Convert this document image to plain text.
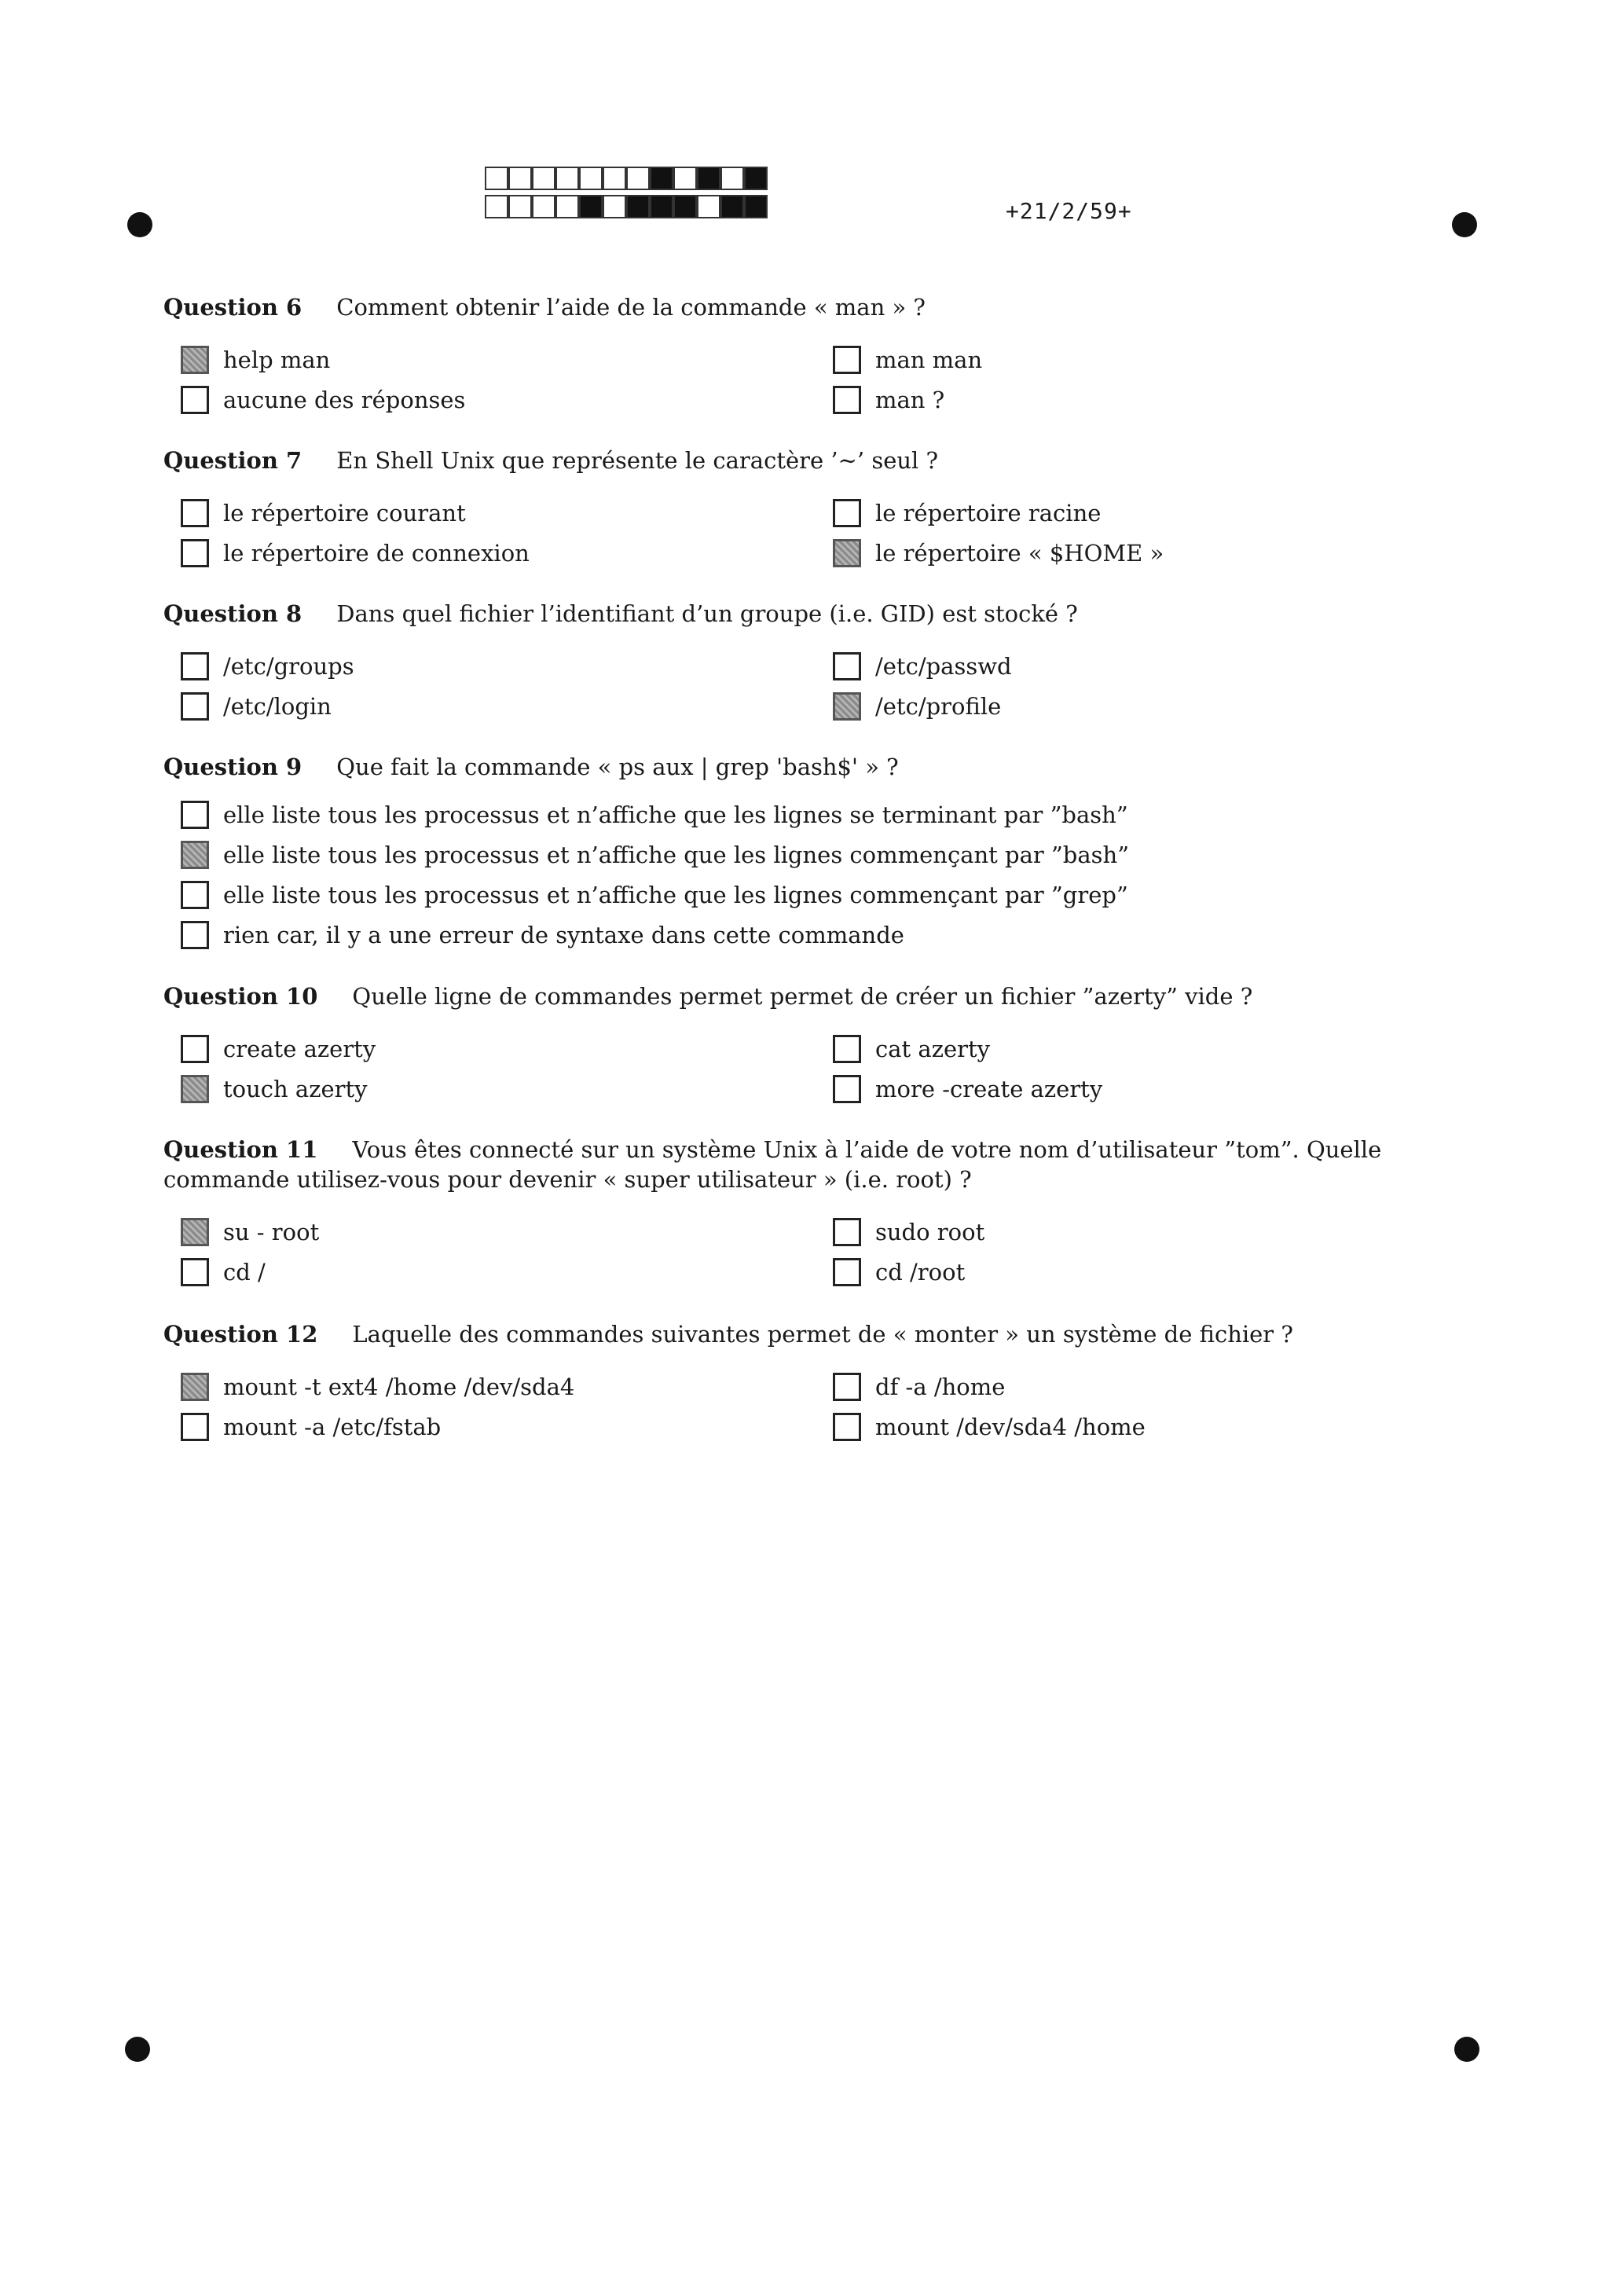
+21/2/59+
Question 6 Comment obtenir l’aide de la commande « man » ?
help man	man man
aucune des réponses	man ?
Question 7 En Shell Unix que représente le caractère ’∼’ seul ?
le répertoire courant	le répertoire racine
le répertoire de connexion	le répertoire « $HOME »
Question 8 Dans quel fichier l’identifiant d’un groupe (i.e. GID) est stocké ?
/etc/groups	/etc/passwd
/etc/login	/etc/profile
Question 9 Que fait la commande « ps aux | grep 'bash$' » ?
elle liste tous les processus et n’affiche que les lignes se terminant par ”bash”
elle liste tous les processus et n’affiche que les lignes commençant par ”bash”
elle liste tous les processus et n’affiche que les lignes commençant par ”grep”
rien car, il y a une erreur de syntaxe dans cette commande
Question 10 Quelle ligne de commandes permet permet de créer un fichier ”azerty” vide ?
create azerty	cat azerty
touch azerty	more -create azerty
Question 11 Vous êtes connecté sur un système Unix à l’aide de votre nom d’utilisateur ”tom”. Quelle commande utilisez-vous pour devenir « super utilisateur » (i.e. root) ?
su - root	sudo root
cd /	cd /root
Question 12 Laquelle des commandes suivantes permet de « monter » un système de fichier ?
mount -t ext4 /home /dev/sda4	df -a /home
mount -a /etc/fstab	mount /dev/sda4 /home
